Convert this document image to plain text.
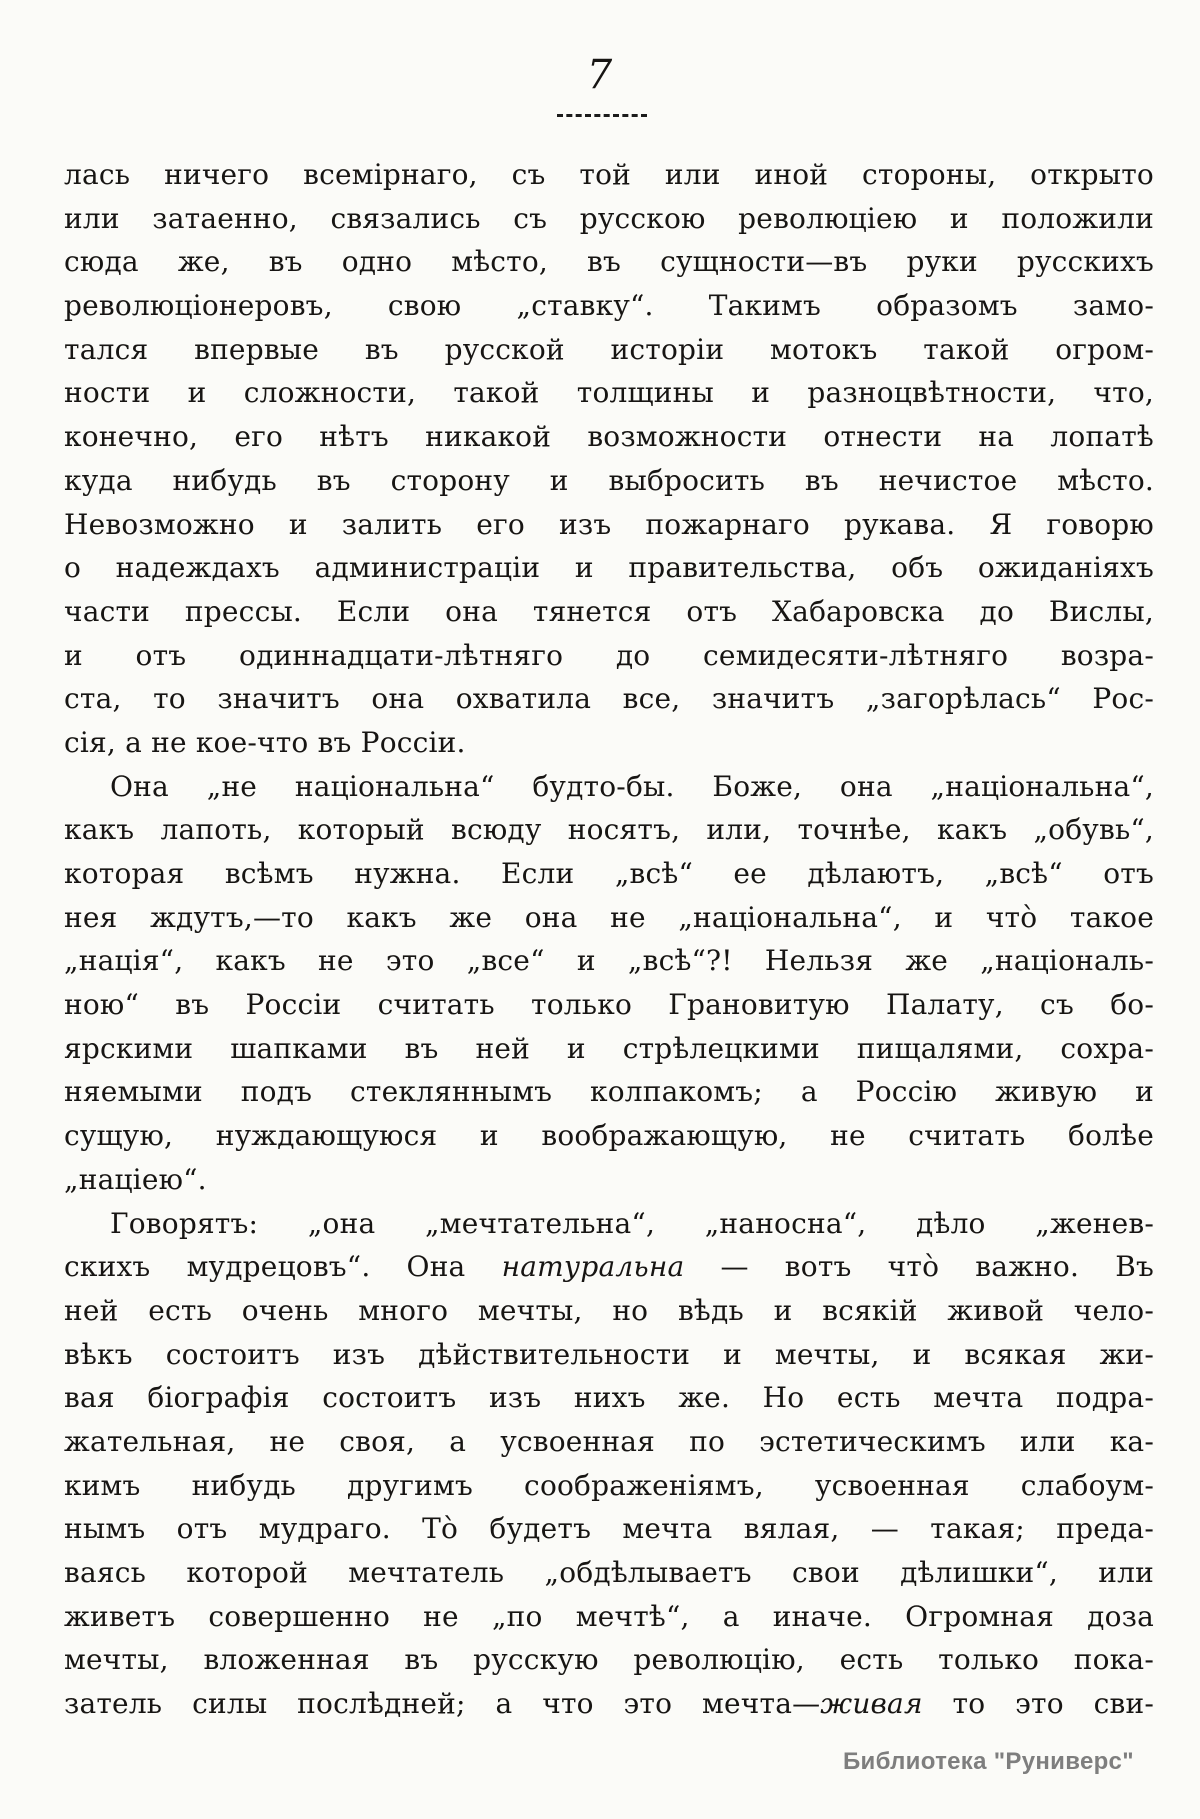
7
лась ничего всемірнаго, съ той или иной стороны, открыто
или затаенно, связались съ русскою революціею и положили
сюда же, въ одно мѣсто, въ сущности—въ руки русскихъ
революціонеровъ, свою „ставку“. Такимъ образомъ замо-
тался впервые въ русской исторіи мотокъ такой огром-
ности и сложности, такой толщины и разноцвѣтности, что,
конечно, его нѣтъ никакой возможности отнести на лопатѣ
куда нибудь въ сторону и выбросить въ нечистое мѣсто.
Невозможно и залить его изъ пожарнаго рукава. Я говорю
о надеждахъ администраціи и правительства, объ ожиданіяхъ
части прессы. Если она тянется отъ Хабаровска до Вислы,
и отъ одиннадцати-лѣтняго до семидесяти-лѣтняго возра-
ста, то значитъ она охватила все, значитъ „загорѣлась“ Рос-
сія, а не кое-что въ Россіи.
Она „не національна“ будто-бы. Боже, она „національна“,
какъ лапоть, который всюду носятъ, или, точнѣе, какъ „обувь“,
которая всѣмъ нужна. Если „всѣ“ ее дѣлаютъ, „всѣ“ отъ
нея ждутъ,—то какъ же она не „національна“, и что̀ такое
„нація“, какъ не это „все“ и „всѣ“?! Нельзя же „національ-
ною“ въ Россіи считать только Грановитую Палату, съ бо-
ярскими шапками въ ней и стрѣлецкими пищалями, сохра-
няемыми подъ стекляннымъ колпакомъ; а Россію живую и
сущую, нуждающуюся и воображающую, не считать болѣе
„націею“.
Говорятъ: „она „мечтательна“, „наносна“, дѣло „женев-
скихъ мудрецовъ“. Она натуральна — вотъ что̀ важно. Въ
ней есть очень много мечты, но вѣдь и всякій живой чело-
вѣкъ состоитъ изъ дѣйствительности и мечты, и всякая жи-
вая біографія состоитъ изъ нихъ же. Но есть мечта подра-
жательная, не своя, а усвоенная по эстетическимъ или ка-
кимъ нибудь другимъ соображеніямъ, усвоенная слабоум-
нымъ отъ мудраго. То̀ будетъ мечта вялая, — такая; преда-
ваясь которой мечтатель „обдѣлываетъ свои дѣлишки“, или
живетъ совершенно не „по мечтѣ“, а иначе. Огромная доза
мечты, вложенная въ русскую революцію, есть только пока-
затель силы послѣдней; а что это мечта—живая то это сви-
Библиотека "Руниверс"
